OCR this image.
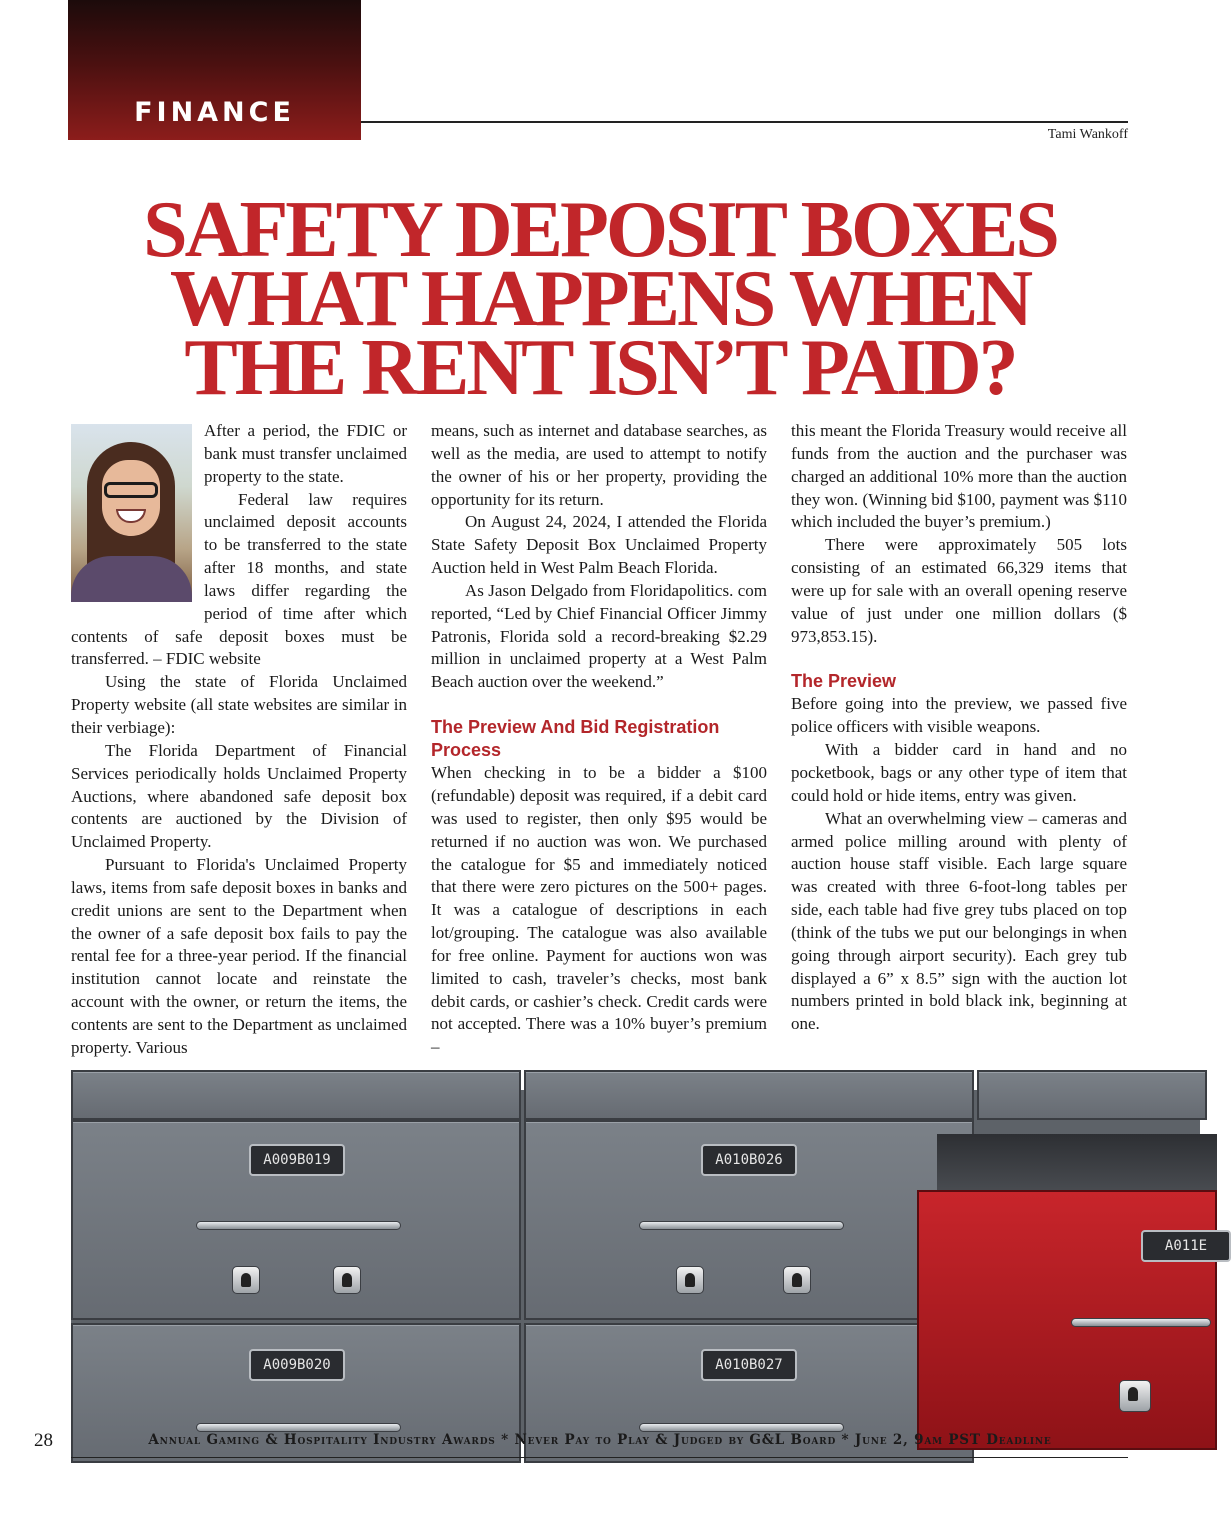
FINANCE
Tami Wankoff
SAFETY DEPOSIT BOXES
WHAT HAPPENS WHEN
THE RENT ISN’T PAID?

After a period, the FDIC or bank must transfer unclaimed property to the state.

Federal law requires unclaimed deposit accounts to be transferred to the state after 18 months, and state laws differ regarding the period of time after which contents of safe deposit boxes must be transferred. – FDIC website

Using the state of Florida Unclaimed Property website (all state websites are similar in their verbiage):

The Florida Department of Financial Services periodically holds Unclaimed Property Auctions, where abandoned safe deposit box contents are auctioned by the Division of Unclaimed Property.

Pursuant to Florida's Unclaimed Property laws, items from safe deposit boxes in banks and credit unions are sent to the Department when the owner of a safe deposit box fails to pay the rental fee for a three-year period. If the financial institution cannot locate and reinstate the account with the owner, or return the items, the contents are sent to the Department as unclaimed property. Various

means, such as internet and database searches, as well as the media, are used to attempt to notify the owner of his or her property, providing the opportunity for its return.

On August 24, 2024, I attended the Florida State Safety Deposit Box Unclaimed Property Auction held in West Palm Beach Florida.

As Jason Delgado from Floridapolitics. com reported, “Led by Chief Financial Officer Jimmy Patronis, Florida sold a record-breaking $2.29 million in unclaimed property at a West Palm Beach auction over the weekend.”

The Preview And Bid Registration Process

When checking in to be a bidder a $100 (refundable) deposit was required, if a debit card was used to register, then only $95 would be returned if no auction was won. We purchased the catalogue for $5 and immediately noticed that there were zero pictures on the 500+ pages. It was a catalogue of descriptions in each lot/grouping. The catalogue was also available for free online. Payment for auctions won was limited to cash, traveler’s checks, most bank debit cards, or cashier’s check. Credit cards were not accepted. There was a 10% buyer’s premium –

this meant the Florida Treasury would receive all funds from the auction and the purchaser was charged an additional 10% more than the auction they won. (Winning bid $100, payment was $110 which included the buyer’s premium.)

There were approximately 505 lots consisting of an estimated 66,329 items that were up for sale with an overall opening reserve value of just under one million dollars ($ 973,853.15).

The Preview

Before going into the preview, we passed five police officers with visible weapons.

With a bidder card in hand and no pocketbook, bags or any other type of item that could hold or hide items, entry was given.

What an overwhelming view – cameras and armed police milling around with plenty of auction house staff visible. Each large square was created with three 6-foot-long tables per side, each table had five grey tubs placed on top (think of the tubs we put our belongings in when going through airport security). Each grey tub displayed a 6” x 8.5” sign with the auction lot numbers printed in bold black ink, beginning at one.

A009B019	A010B026
A009B020	A010B027
A011E
28	Annual Gaming & Hospitality Industry Awards * Never Pay to Play & Judged by G&L Board * June 2, 9am PST Deadline
